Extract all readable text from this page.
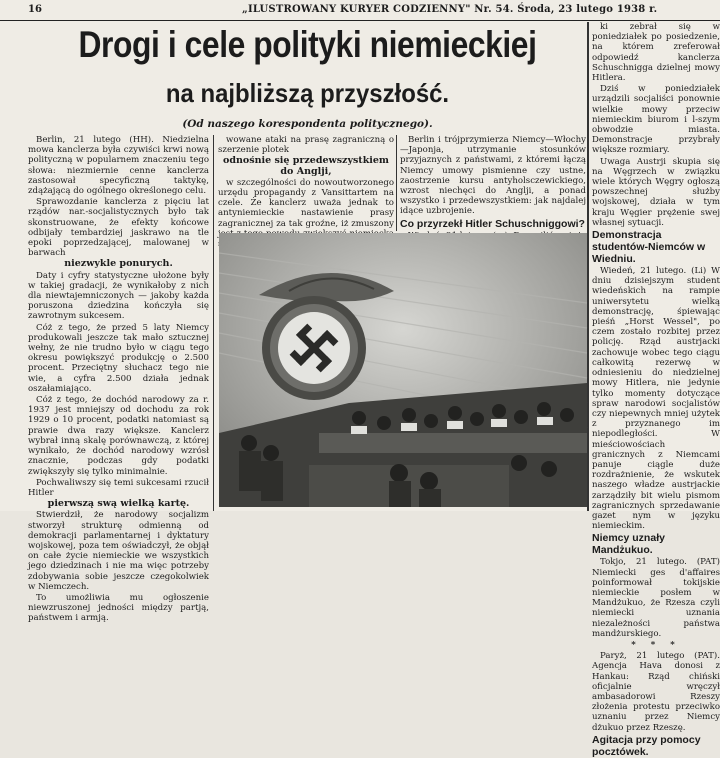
16	„ILUSTROWANY KURYER CODZIENNY" Nr. 54. Środa, 23 lutego 1938 r.
Drogi i cele polityki niemieckiej
na najbliższą przyszłość.
(Od naszego korespondenta politycznego).

Berlin, 21 lutego (HH). Niedzielna mowa kanclerza była czywiści krwi nową polityczną w popularnem znaczeniu tego słowa: niezmiernie cenne kanclerza zastosował specyficzną taktykę, zdążającą do ogólnego określonego celu.

Sprawozdanie kanclerza z pięciu lat rządów nar.-socjalistycznych było tak skonstruowane, że efekty końcowe odbijały tembardziej jaskrawo na tle epoki poprzedzającej, malowanej w barwach

niezwykle ponurych.

Daty i cyfry statystyczne ułożone były w takiej gradacji, że wynikałoby z nich dla niewtajemniczonych — jakoby każda poruszona dziedzina kończyła się zawrotnym sukcesem.

Cóż z tego, że przed 5 laty Niemcy produkowali jeszcze tak mało sztucznej wełny, że nie trudno było w ciągu tego okresu powiększyć produkcję o 2.500 procent. Przeciętny słuchacz tego nie wie, a cyfra 2.500 działa jednak oszałamiająco.

Cóż z tego, że dochód narodowy za r. 1937 jest mniejszy od dochodu za rok 1929 o 10 procent, podatki natomiast są prawie dwa razy większe. Kanclerz wybrał inną skalę porównawczą, z której wynikało, że dochód narodowy wzrósł znacznie, podczas gdy podatki zwiększyły się tylko minimalnie.

Pochwaliwszy się temi sukcesami rzucił Hitler

pierwszą swą wielką kartę.

Stwierdził, że narodowy socjalizm stworzył strukturę odmienną od demokracji parlamentarnej i dyktatury wojskowej, poza tem oświadczył, że objął on całe życie niemieckie we wszystkich jego dziedzinach i nie ma więc potrzeby zdobywania sobie jeszcze czegokolwiek w Niemczech.

To umożliwia mu ogłoszenie niewzruszonej jedności między partją, państwem i armją.

wowane ataki na prasę zagraniczną o szerzenie plotek

odnośnie się przedewszystkiem do Anglji,

w szczególności do nowoutworzonego urzędu propagandy z Vansittartem na czele. Że kanclerz uważa jednak to antyniemieckie nastawienie prasy zagranicznej za tak groźne, iż zmuszony

Berlin i trójprzymierza Niemcy—Włochy—Japonja, utrzymanie stosunków przyjaznych z państwami, z któremi łączą Niemcy umowy pismienne czy ustne, zaostrzenie kursu antyholsczewickiego, wzrost niechęci do Anglji, a ponad wszystko i przedewszystkiem: jak najdalej idące uzbrojenie.

Co przyrzekł Hitler Schuschniggowi?

ki zebrał się w poniedziałek po posiedzenie, na którem zreferował odpowiedź kanclerza Schuschnigga dzielnej mowy Hitlera.

Dziś w poniedziałek urządzili socjaliści ponownie wielkie mowy przeciw niemieckim biurom i l-szym obwodzie miasta. Demonstracje przybrały większe rozmiary.

Uwaga Austrji skupia się na Węgrzech w związku wiele których Węgry ogłoszą powszechnej służby wojskowej, działa w tym kraju Węgier prężenie swej własnej sytuacji.

Demonstracja studentów-Niemców w Wiedniu.

Wiedeń, 21 lutego. (Li) W dniu dzisiejszym student wiedeńskich na rampie uniwersytetu wielką demonstrację, śpiewając pieśń „Horst Wessel", po czem zostało rozbitej przez policję. Rząd austrjacki zachowuje wobec tego ciągu całkowitą rezerwę w odniesieniu do niedzielnej mowy Hitlera, nie jedynie tylko momenty dotyczące spraw narodowi socjalistów czy niepewnych mniej użytek z przyznanego im niepodległości. W mieściowościach granicznych z Niemcami panuje ciągle duże rozdrażnienie, że wskutek naszego władze austrjackie zarządziły bit wielu pismom zagranicznych sprzedawanie gazet nym w języku niemieckim.

Niemcy uznały Mandżukuo.

Tokjo, 21 lutego. (PAT) Niemiecki ges d'affaires poinformował tokijskie niemieckie posłem w Mandżukuo, że Rzesza czyli niemiecki uznania niezależności państwa mandżurskiego.

* * *

Paryż, 21 lutego (PAT). Agencja Hava donosi z Hankau: Rząd chiński oficjalnie wręczył ambasadorowi Rzeszy złożenia protestu przeciwko uznaniu przez Niemcy dżukuo przez Rzeszę.

Agitacja przy pomocy pocztówek.
